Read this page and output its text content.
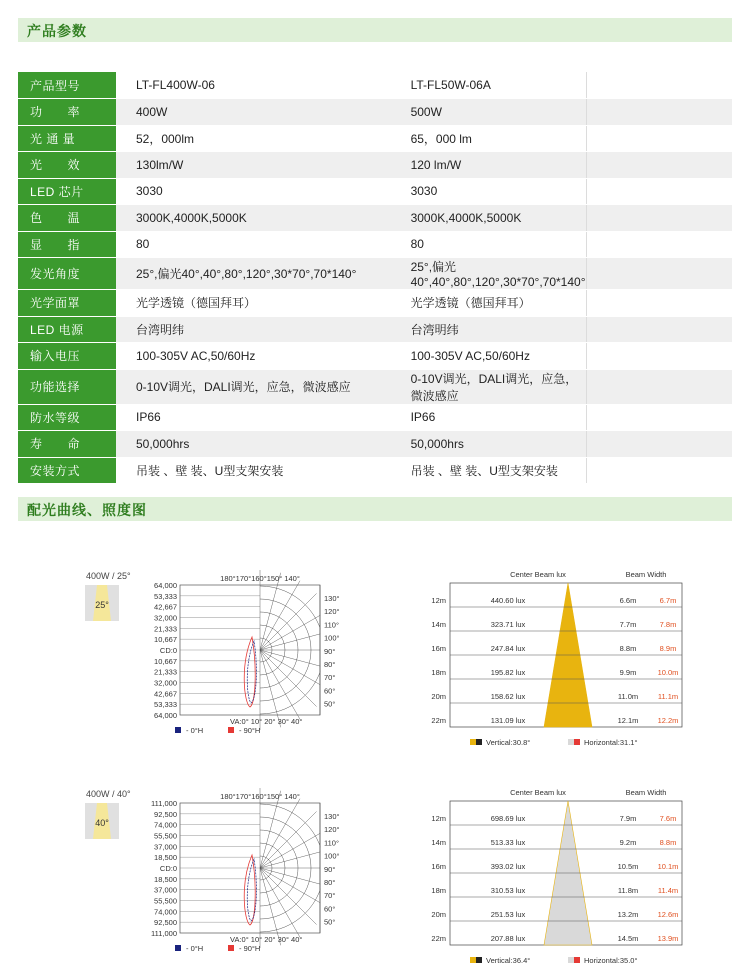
产品参数
产品型号	LT-FL400W-06	LT-FL50W-06A	
功　　率	400W	500W	
光 通 量	52，000lm	65，000 lm	
光　　效	130lm/W	120 lm/W	
LED 芯片	3030	3030	
色　　温	3000K,4000K,5000K	3000K,4000K,5000K	
显　　指	80	80	
发光角度	25°,偏光40°,40°,80°,120°,30*70°,70*140°	25°,偏光40°,40°,80°,120°,30*70°,70*140°	
光学面罩	光学透镜（德国拜耳）	光学透镜（德国拜耳）	
LED 电源	台湾明纬	台湾明纬	
输入电压	100-305V AC,50/60Hz	100-305V AC,50/60Hz	
功能选择	0-10V调光，DALI调光，应急，微波感应	0-10V调光，DALI调光，应急，微波感应	
防水等级	IP66	IP66	
寿　　命	50,000hrs	50,000hrs	
安装方式	吊装 、壁 装、U型支架安装	吊装 、壁 装、U型支架安装	
配光曲线、照度图
400W / 25°
25°
64,000
53,333
42,667
32,000
21,333
10,667
CD:0
10,667
21,333
32,000
42,667
53,333
64,000
180°170°160°150° 140°
130°
120°
110°
100°
90°
80°
70°
60°
50°
VA:0° 10° 20° 30° 40°
- 0°H	- 90°H
400W / 40°
40°
111,000
92,500
74,000
55,500
37,000
18,500
CD:0
18,500
37,000
55,500
74,000
92,500
111,000
180°170°160°150° 140°
130°
120°
110°
100°
90°
80°
70°
60°
50°
VA:0° 10° 20° 30° 40°
- 0°H	- 90°H
Center Beam lux	Beam Width
12m	440.60 lux	6.6m	6.7m
14m	323.71 lux	7.7m	7.8m
16m	247.84 lux	8.8m	8.9m
18m	195.82 lux	9.9m	10.0m
20m	158.62 lux	11.0m	11.1m
22m	131.09 lux	12.1m	12.2m
Vertical:30.8°	Horizontal:31.1°
Center Beam lux	Beam Width
12m	698.69 lux	7.9m	7.6m
14m	513.33 lux	9.2m	8.8m
16m	393.02 lux	10.5m	10.1m
18m	310.53 lux	11.8m	11.4m
20m	251.53 lux	13.2m	12.6m
22m	207.88 lux	14.5m	13.9m
Vertical:36.4°	Horizontal:35.0°
